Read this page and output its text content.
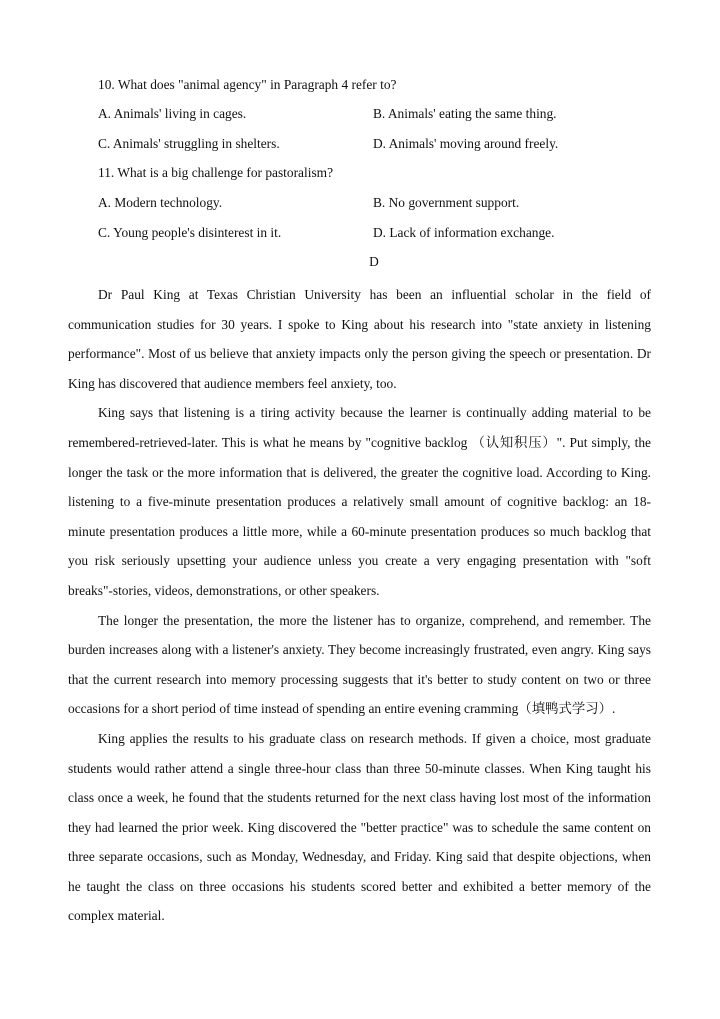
10. What does "animal agency" in Paragraph 4 refer to?
A. Animals' living in cages.	B. Animals' eating the same thing.
C. Animals' struggling in shelters.	D. Animals' moving around freely.
11. What is a big challenge for pastoralism?
A. Modern technology.	B. No government support.
C. Young people's disinterest in it.	D. Lack of information exchange.
D

Dr Paul King at Texas Christian University has been an influential scholar in the field of communication studies for 30 years. I spoke to King about his research into "state anxiety in listening performance". Most of us believe that anxiety impacts only the person giving the speech or presentation. Dr King has discovered that audience members feel anxiety, too.

King says that listening is a tiring activity because the learner is continually adding material to be remembered-retrieved-later. This is what he means by "cognitive backlog （认知积压）". Put simply, the longer the task or the more information that is delivered, the greater the cognitive load. According to King. listening to a five-minute presentation produces a relatively small amount of cognitive backlog: an 18-minute presentation produces a little more, while a 60-minute presentation produces so much backlog that you risk seriously upsetting your audience unless you create a very engaging presentation with "soft breaks"-stories, videos, demonstrations, or other speakers.

The longer the presentation, the more the listener has to organize, comprehend, and remember. The burden increases along with a listener's anxiety. They become increasingly frustrated, even angry. King says that the current research into memory processing suggests that it's better to study content on two or three occasions for a short period of time instead of spending an entire evening cramming（填鸭式学习）.

King applies the results to his graduate class on research methods. If given a choice, most graduate students would rather attend a single three-hour class than three 50-minute classes. When King taught his class once a week, he found that the students returned for the next class having lost most of the information they had learned the prior week. King discovered the "better practice" was to schedule the same content on three separate occasions, such as Monday, Wednesday, and Friday. King said that despite objections, when he taught the class on three occasions his students scored better and exhibited a better memory of the complex material.
